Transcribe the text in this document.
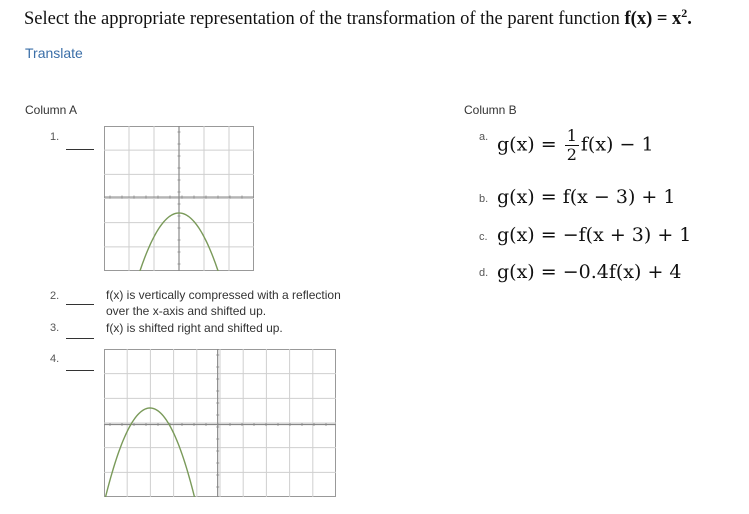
Select the appropriate representation of the transformation of the parent function $f(x) = x^2$.
Translate
Column A
1.
2.	f(x) is vertically compressed with a reflection
over the x-axis and shifted up.
3.	f(x) is shifted right and shifted up.
4.
Column B
a. $g(x) = \frac{1}{2} f(x) - 1$
b. g(x) = f(x − 3) + 1
c. g(x) = −f(x + 3) + 1
d. g(x) = −0.4f(x) + 4
